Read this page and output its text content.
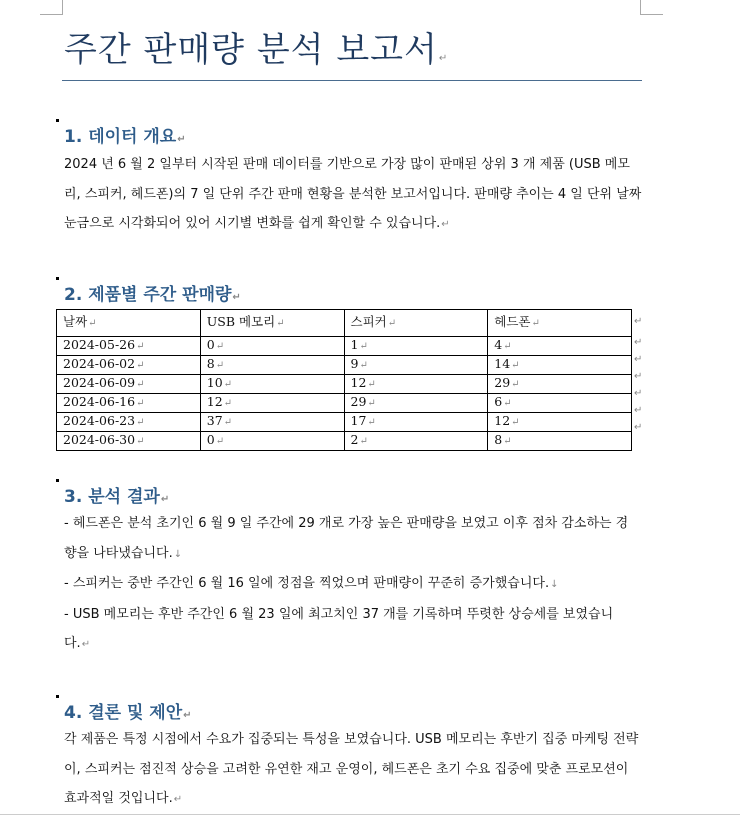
주간 판매량 분석 보고서↵
1. 데이터 개요↵

2024 년 6 월 2 일부터 시작된 판매 데이터를 기반으로 가장 많이 판매된 상위 3 개 제품 (USB 메모리, 스피커, 헤드폰)의 7 일 단위 주간 판매 현황을 분석한 보고서입니다. 판매량 추이는 4 일 단위 날짜 눈금으로 시각화되어 있어 시기별 변화를 쉽게 확인할 수 있습니다.↵

2. 제품별 주간 판매량↵
날짜↵	USB 메모리↵	스피커↵	헤드폰↵
2024-05-26↵	0↵	1↵	4↵
2024-06-02↵	8↵	9↵	14↵
2024-06-09↵	10↵	12↵	29↵
2024-06-16↵	12↵	29↵	6↵
2024-06-23↵	37↵	17↵	12↵
2024-06-30↵	0↵	2↵	8↵
↵
↵
↵
↵
↵
↵
↵
3. 분석 결과↵

- 헤드폰은 분석 초기인 6 월 9 일 주간에 29 개로 가장 높은 판매량을 보였고 이후 점차 감소하는 경향을 나타냈습니다.↓

- 스피커는 중반 주간인 6 월 16 일에 정점을 찍었으며 판매량이 꾸준히 증가했습니다.↓

- USB 메모리는 후반 주간인 6 월 23 일에 최고치인 37 개를 기록하며 뚜렷한 상승세를 보였습니다.↵

4. 결론 및 제안↵

각 제품은 특정 시점에서 수요가 집중되는 특성을 보였습니다. USB 메모리는 후반기 집중 마케팅 전략이, 스피커는 점진적 상승을 고려한 유연한 재고 운영이, 헤드폰은 초기 수요 집중에 맞춘 프로모션이 효과적일 것입니다.↵
